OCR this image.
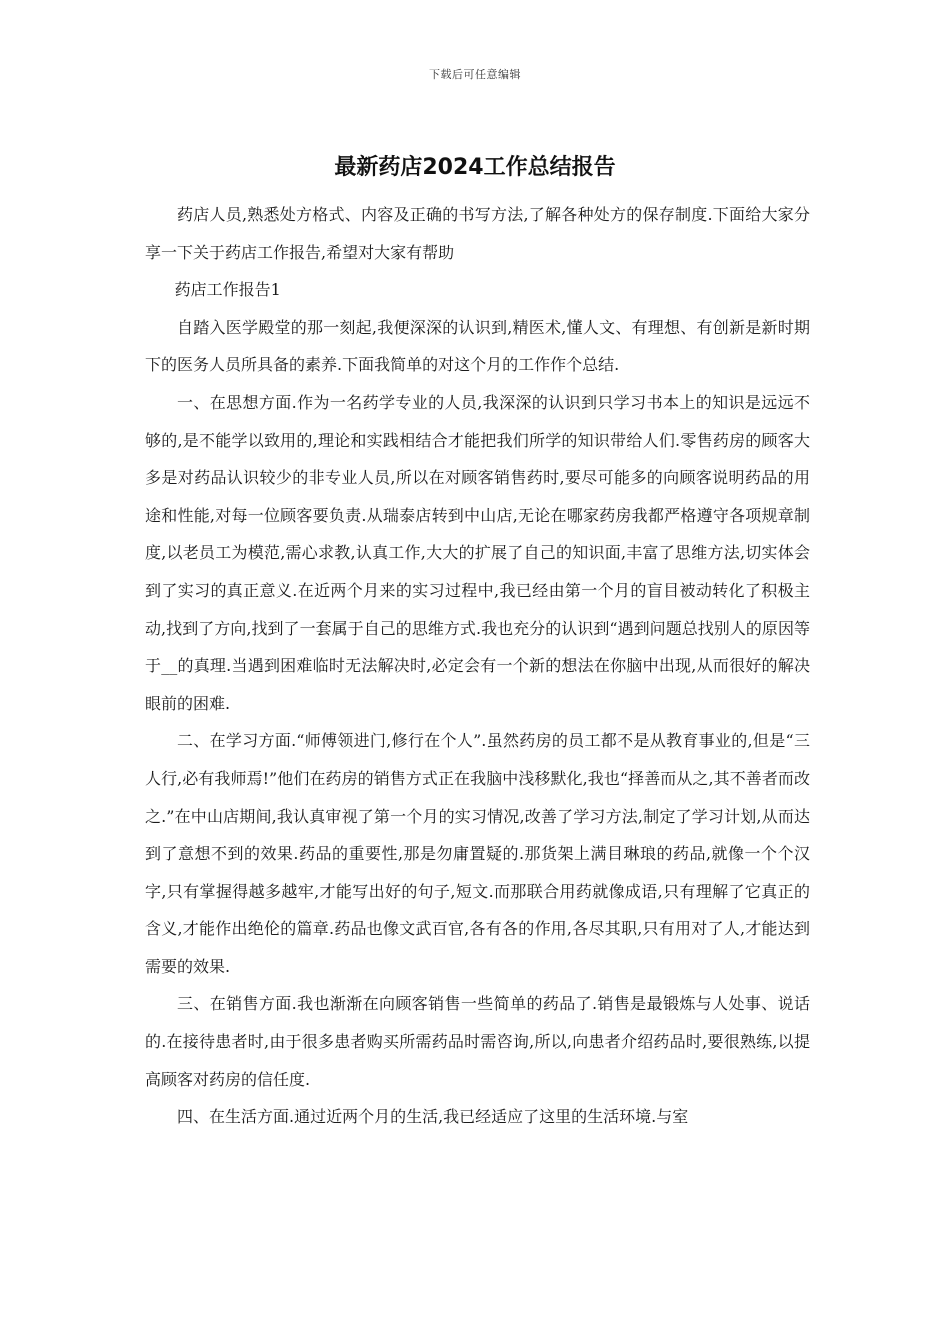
下载后可任意编辑
最新药店2024工作总结报告

药店人员,熟悉处方格式、内容及正确的书写方法,了解各种处方的保存制度.下面给大家分享一下关于药店工作报告,希望对大家有帮助

药店工作报告1

自踏入医学殿堂的那一刻起,我便深深的认识到,精医术,懂人文、有理想、有创新是新时期下的医务人员所具备的素养.下面我简单的对这个月的工作作个总结.

一、在思想方面.作为一名药学专业的人员,我深深的认识到只学习书本上的知识是远远不够的,是不能学以致用的,理论和实践相结合才能把我们所学的知识带给人们.零售药房的顾客大多是对药品认识较少的非专业人员,所以在对顾客销售药时,要尽可能多的向顾客说明药品的用途和性能,对每一位顾客要负责.从瑞泰店转到中山店,无论在哪家药房我都严格遵守各项规章制度,以老员工为模范,需心求教,认真工作,大大的扩展了自己的知识面,丰富了思维方法,切实体会到了实习的真正意义.在近两个月来的实习过程中,我已经由第一个月的盲目被动转化了积极主动,找到了方向,找到了一套属于自己的思维方式.我也充分的认识到“遇到问题总找别人的原因等于__的真理.当遇到困难临时无法解决时,必定会有一个新的想法在你脑中出现,从而很好的解决眼前的困难.

二、在学习方面.“师傅领进门,修行在个人”.虽然药房的员工都不是从教育事业的,但是“三人行,必有我师焉!”他们在药房的销售方式正在我脑中浅移默化,我也“择善而从之,其不善者而改之.”在中山店期间,我认真审视了第一个月的实习情况,改善了学习方法,制定了学习计划,从而达到了意想不到的效果.药品的重要性,那是勿庸置疑的.那货架上满目琳琅的药品,就像一个个汉字,只有掌握得越多越牢,才能写出好的句子,短文.而那联合用药就像成语,只有理解了它真正的含义,才能作出绝伦的篇章.药品也像文武百官,各有各的作用,各尽其职,只有用对了人,才能达到需要的效果.

三、在销售方面.我也渐渐在向顾客销售一些简单的药品了.销售是最锻炼与人处事、说话的.在接待患者时,由于很多患者购买所需药品时需咨询,所以,向患者介绍药品时,要很熟练,以提高顾客对药房的信任度.

四、在生活方面.通过近两个月的生活,我已经适应了这里的生活环境.与室
